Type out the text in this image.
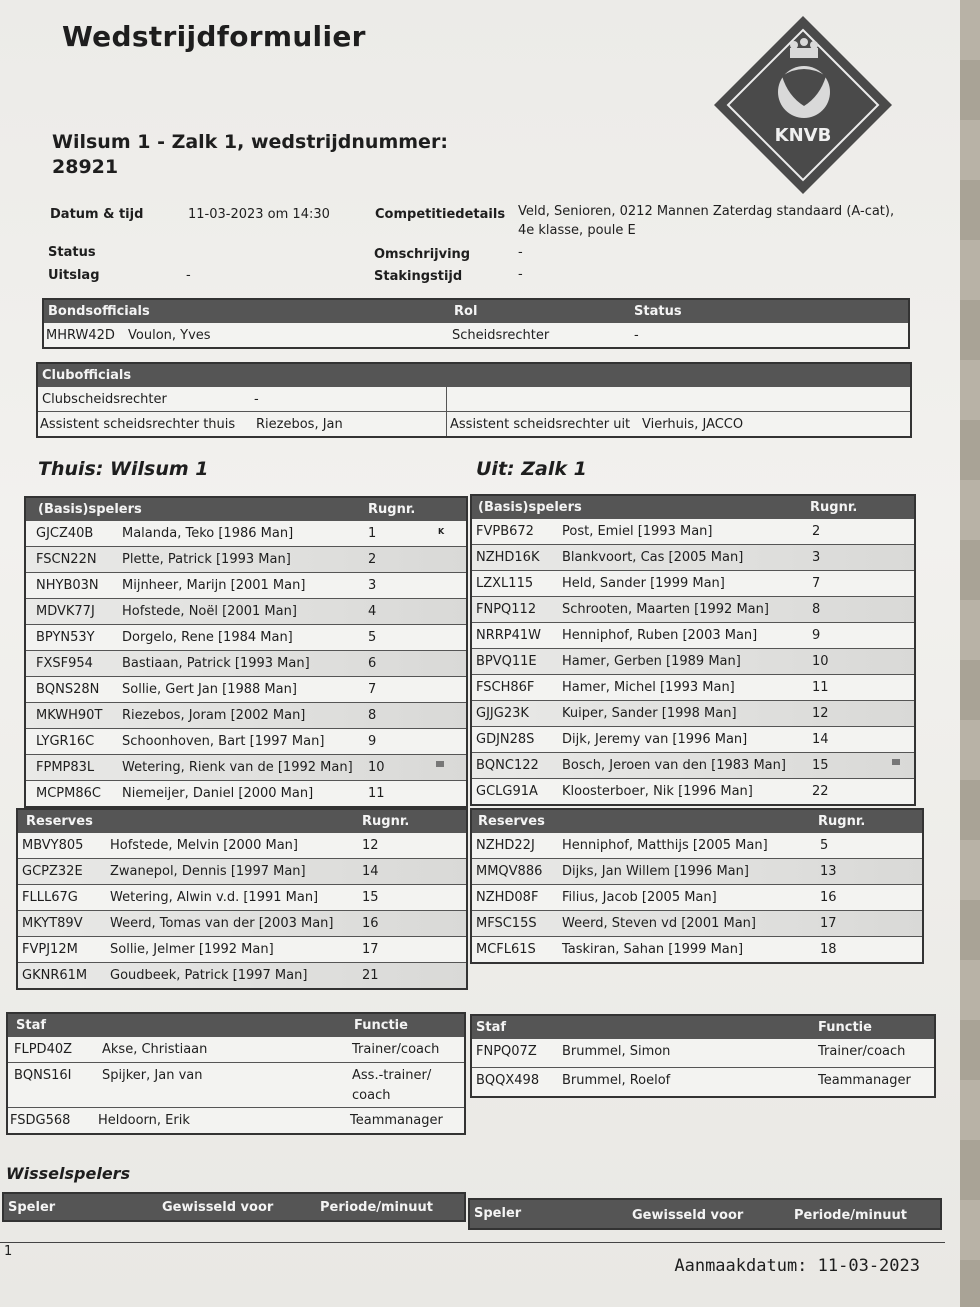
Wedstrijdformulier
Wilsum 1 - Zalk 1, wedstrijdnummer:
28921
KNVB
Datum & tijd	11-03-2023 om 14:30
Status
Uitslag	-
Competitiedetails Veld, Senioren, 0212 Mannen Zaterdag standaard (A-cat),
4e klasse, poule E
Omschrijving	-
Stakingstijd	-
Bondsofficials	Rol	Status
MHRW42D Voulon, Yves	Scheidsrechter	-
Clubofficials
Clubscheidsrechter	-
Assistent scheidsrechter thuis Riezebos, Jan	Assistent scheidsrechter uit Vierhuis, JACCO
Thuis: Wilsum 1	Uit: Zalk 1
(Basis)spelers	Rugnr.
GJCZ40B Malanda, Teko [1986 Man]	1	K
FSCN22N Plette, Patrick [1993 Man]	2
NHYB03N Mijnheer, Marijn [2001 Man]	3
MDVK77J Hofstede, Noël [2001 Man]	4
BPYN53Y Dorgelo, Rene [1984 Man]	5
FXSF954 Bastiaan, Patrick [1993 Man]	6
BQNS28N Sollie, Gert Jan [1988 Man]	7
MKWH90T Riezebos, Joram [2002 Man]	8
LYGR16C Schoonhoven, Bart [1997 Man]	9
FPMP83L Wetering, Rienk van de [1992 Man] 10
MCPM86C Niemeijer, Daniel [2000 Man]	11
(Basis)spelers	Rugnr.
FVPB672 Post, Emiel [1993 Man]	2
NZHD16K Blankvoort, Cas [2005 Man]	3
LZXL115 Held, Sander [1999 Man]	7
FNPQ112 Schrooten, Maarten [1992 Man]	8
NRRP41W Henniphof, Ruben [2003 Man]	9
BPVQ11E Hamer, Gerben [1989 Man]	10
FSCH86F Hamer, Michel [1993 Man]	11
GJJG23K	Kuiper, Sander [1998 Man]	12
GDJN28S Dijk, Jeremy van [1996 Man]	14
BQNC122 Bosch, Jeroen van den [1983 Man] 15
GCLG91A Kloosterboer, Nik [1996 Man]	22
Reserves	Rugnr.
MBVY805 Hofstede, Melvin [2000 Man]	12
GCPZ32E Zwanepol, Dennis [1997 Man]	14
FLLL67G Wetering, Alwin v.d. [1991 Man]	15
MKYT89V Weerd, Tomas van der [2003 Man] 16
FVPJ12M Sollie, Jelmer [1992 Man]	17
GKNR61M Goudbeek, Patrick [1997 Man]	21
Reserves	Rugnr.
NZHD22J Henniphof, Matthijs [2005 Man]	5
MMQV886 Dijks, Jan Willem [1996 Man]	13
NZHD08F Filius, Jacob [2005 Man]	16
MFSC15S Weerd, Steven vd [2001 Man]	17
MCFL61S Taskiran, Sahan [1999 Man]	18
Staf	Functie
FLPD40Z Akse, Christiaan	Trainer/coach
BQNS16I Spijker, Jan van	Ass.-trainer/
coach
FSDG568 Heldoorn, Erik	Teammanager
Staf	Functie
FNPQ07Z Brummel, Simon	Trainer/coach
BQQX498 Brummel, Roelof	Teammanager
Wisselspelers
Speler	Gewisseld voor	Periode/minuut	Speler	Gewisseld voor	Periode/minuut
1
Aanmaakdatum: 11-03-2023
